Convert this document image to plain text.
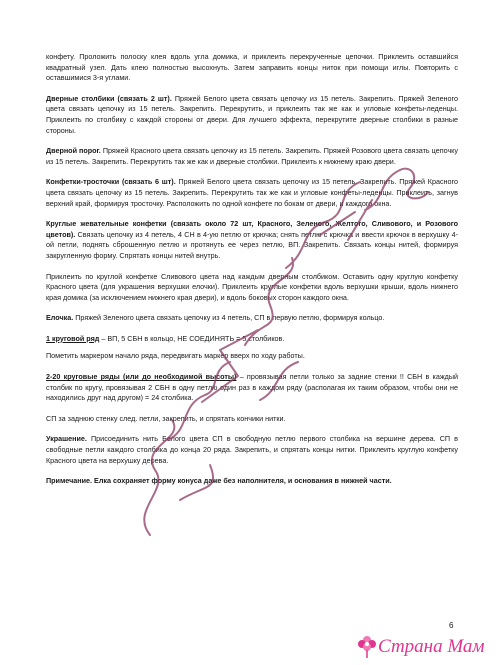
конфету. Проложить полоску клея вдоль угла домика, и приклеить перекрученные цепочки. Приклеить оставшийся квадратный узел. Дать клею полностью высохнуть. Затем заправить концы ниток при помощи иглы. Повторить с оставшимися 3-я углами.

Дверные столбики (связать 2 шт). Пряжей Белого цвета связать цепочку из 15 петель. Закрепить. Пряжей Зеленого цвета связать цепочку из 15 петель. Закрепить. Перекрутить, и приклеить так же как и угловые конфеты-леденцы. Приклеить по столбику с каждой стороны от двери. Для лучшего эффекта, перекрутите дверные столбики в разные стороны.

Дверной порог. Пряжей Красного цвета связать цепочку из 15 петель. Закрепить. Пряжей Розового цвета связать цепочку из 15 петель. Закрепить. Перекрутить так же как и дверные столбики. Приклеить к нижнему краю двери.

Конфетки-тросточки (связать 6 шт). Пряжей Белого цвета связать цепочку из 15 петель. Закрепить. Пряжей Красного цвета связать цепочку из 15 петель. Закрепить. Перекрутить так же как и угловые конфеты-леденцы. Приклеить, загнув верхний край, формируя тросточку. Расположить по одной конфете по бокам от двери, и каждого окна.

Круглые жевательные конфетки (связать около 72 шт, Красного, Зеленого, Желтого, Сливового, и Розового цветов). Связать цепочку из 4 петель, 4 СН в 4-ую петлю от крючка; снять петлю с крючка и ввести крючок в верхушку 4-ой петли, поднять сброшенную петлю и протянуть ее через петлю, ВП. Закрепить. Связать концы нитей, формируя закругленную форму. Спрятать концы нитей внутрь.

Приклеить по круглой конфетке Сливового цвета над каждым дверным столбиком. Оставить одну круглую конфетку Красного цвета (для украшения верхушки елочки). Приклеить круглые конфетки вдоль верхушки крыши, вдоль нижнего края домика (за исключением нижнего края двери), и вдоль боковых сторон каждого окна.

Елочка. Пряжей Зеленого цвета связать цепочку из 4 петель, СП в первую петлю, формируя кольцо.

1 круговой ряд – ВП, 5 СБН в кольцо, НЕ СОЕДИНЯТЬ = 5 столбиков.

Пометить маркером начало ряда, передвигать маркер вверх по ходу работы.

2-20 круговые ряды (или до необходимой высоты) – провязывая петли только за задние стенки !! СБН в каждый столбик по кругу, провязывая 2 СБН в одну петлю один раз в каждом ряду (располагая их таким образом, чтобы они не находились друг над другом) = 24 столбика.

СП за заднюю стенку след. петли, закрепить, и спрятать кончики нитки.

Украшение. Присоединить нить Белого цвета СП в свободную петлю первого столбика на вершине дерева. СП в свободные петли каждого столбика до конца 20 ряда. Закрепить, и спрятать концы нитки. Приклеить круглую конфетку Красного цвета на верхушку дерева.

Примечание. Елка сохраняет форму конуса даже без наполнителя, и основания в нижней части.

6
Страна Мам
